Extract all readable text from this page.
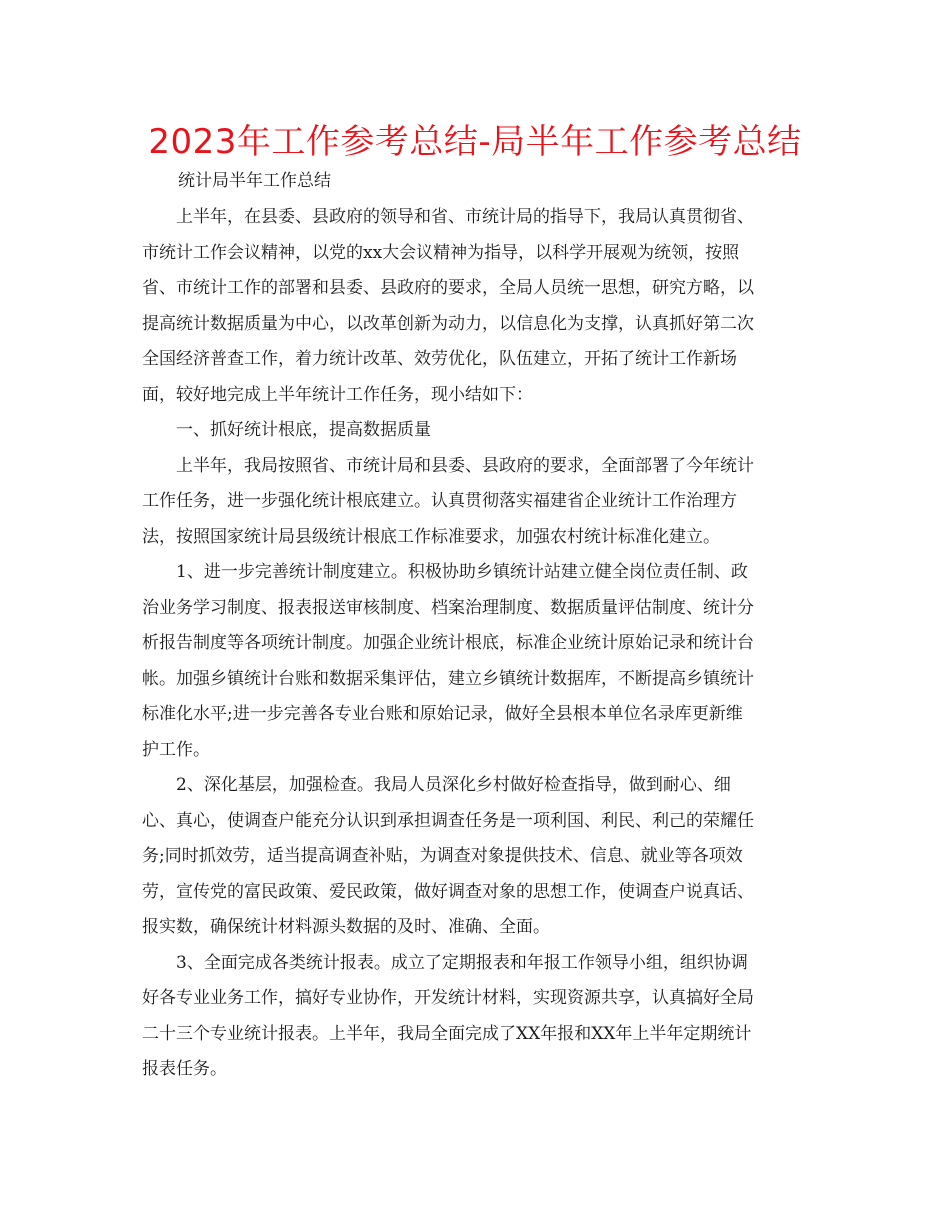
2023年工作参考总结-局半年工作参考总结
统计局半年工作总结

上半年，在县委、县政府的领导和省、市统计局的指导下，我局认真贯彻省、
市统计工作会议精神，以党的xx大会议精神为指导，以科学开展观为统领，按照
省、市统计工作的部署和县委、县政府的要求，全局人员统一思想，研究方略，以
提高统计数据质量为中心，以改革创新为动力，以信息化为支撑，认真抓好第二次
全国经济普查工作，着力统计改革、效劳优化，队伍建立，开拓了统计工作新场
面，较好地完成上半年统计工作任务，现小结如下：

一、抓好统计根底，提高数据质量

上半年，我局按照省、市统计局和县委、县政府的要求，全面部署了今年统计
工作任务，进一步强化统计根底建立。认真贯彻落实福建省企业统计工作治理方
法，按照国家统计局县级统计根底工作标准要求，加强农村统计标准化建立。

1、进一步完善统计制度建立。积极协助乡镇统计站建立健全岗位责任制、政
治业务学习制度、报表报送审核制度、档案治理制度、数据质量评估制度、统计分
析报告制度等各项统计制度。加强企业统计根底，标准企业统计原始记录和统计台
帐。加强乡镇统计台账和数据采集评估，建立乡镇统计数据库，不断提高乡镇统计
标准化水平;进一步完善各专业台账和原始记录，做好全县根本单位名录库更新维
护工作。

2、深化基层，加强检查。我局人员深化乡村做好检查指导，做到耐心、细
心、真心，使调查户能充分认识到承担调查任务是一项利国、利民、利己的荣耀任
务;同时抓效劳，适当提高调查补贴，为调查对象提供技术、信息、就业等各项效
劳，宣传党的富民政策、爱民政策，做好调查对象的思想工作，使调查户说真话、
报实数，确保统计材料源头数据的及时、准确、全面。

3、全面完成各类统计报表。成立了定期报表和年报工作领导小组，组织协调
好各专业业务工作，搞好专业协作，开发统计材料，实现资源共享，认真搞好全局
二十三个专业统计报表。上半年，我局全面完成了XX年报和XX年上半年定期统计
报表任务。
